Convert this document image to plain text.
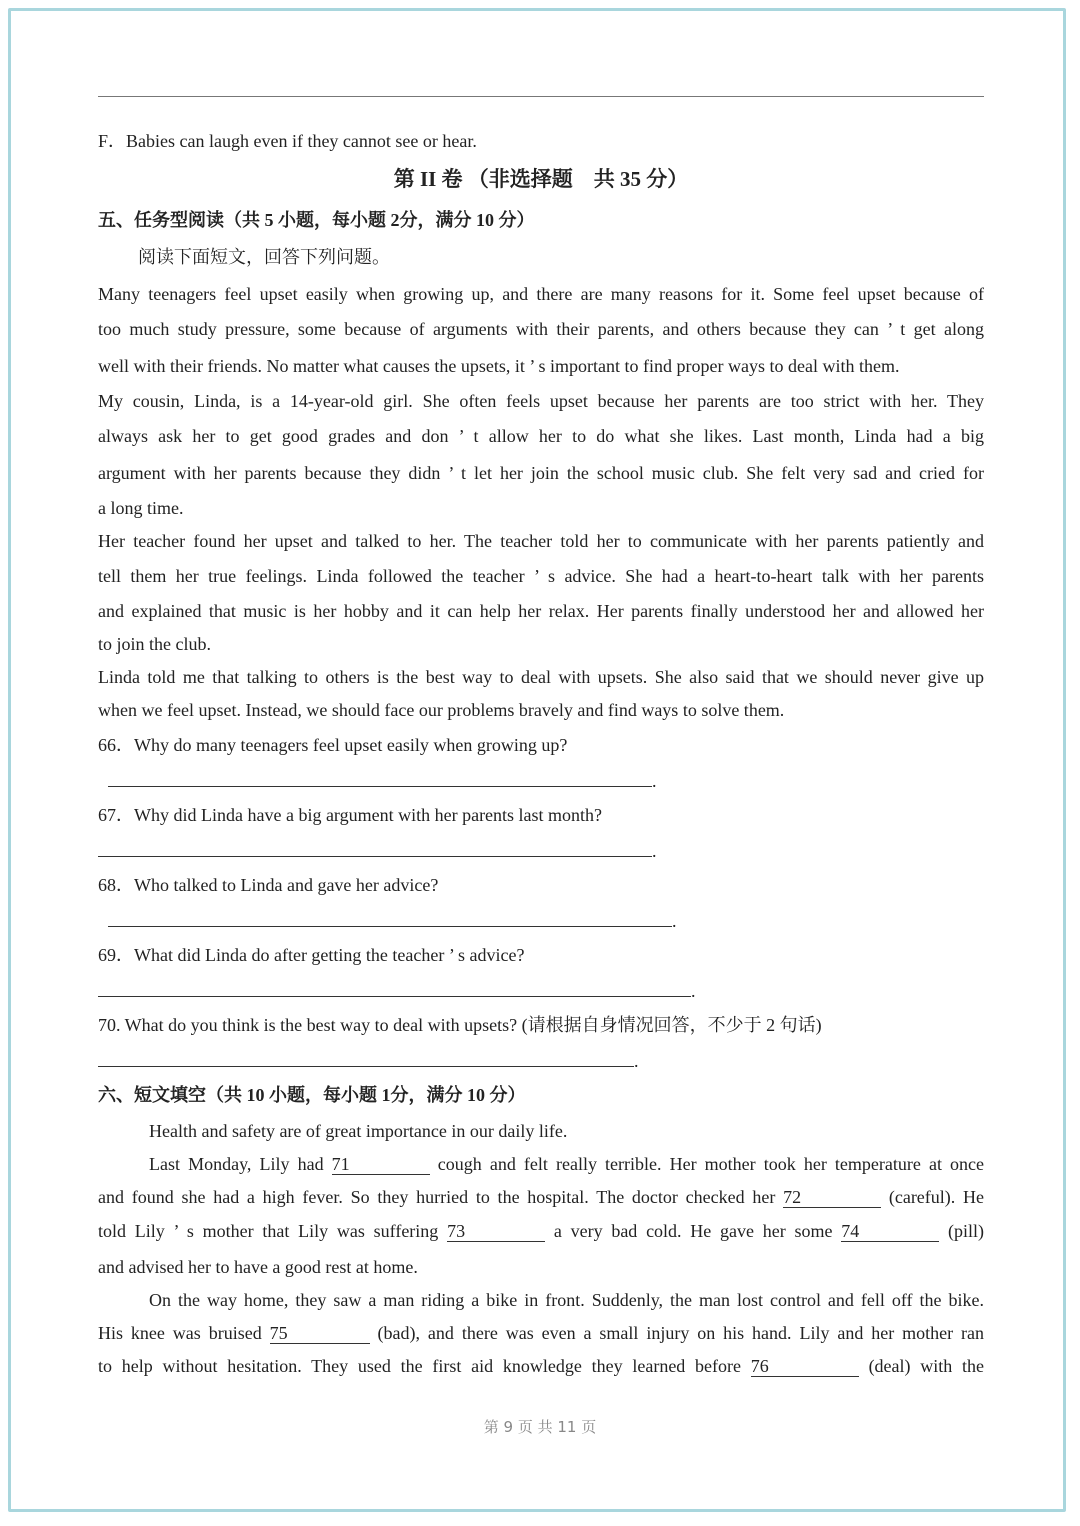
F．Babies can laugh even if they cannot see or hear.
第 II 卷 （非选择题　共 35 分）
五、任务型阅读（共 5 小题，每小题 2分，满分 10 分）
阅读下面短文，回答下列问题。
Many teenagers feel upset easily when growing up, and there are many reasons for it. Some feel upset because of
too much study pressure, some because of arguments with their parents, and others because they can ’ t get along
well with their friends. No matter what causes the upsets, it ’ s important to find proper ways to deal with them.
My cousin, Linda, is a 14-year-old girl. She often feels upset because her parents are too strict with her. They
always ask her to get good grades and don ’ t allow her to do what she likes. Last month, Linda had a big
argument with her parents because they didn ’ t let her join the school music club. She felt very sad and cried for
a long time.
Her teacher found her upset and talked to her. The teacher told her to communicate with her parents patiently and
tell them her true feelings. Linda followed the teacher ’ s advice. She had a heart-to-heart talk with her parents
and explained that music is her hobby and it can help her relax. Her parents finally understood her and allowed her
to join the club.
Linda told me that talking to others is the best way to deal with upsets. She also said that we should never give up
when we feel upset. Instead, we should face our problems bravely and find ways to solve them.
66．Why do many teenagers feel upset easily when growing up?
.
67．Why did Linda have a big argument with her parents last month?
.
68．Who talked to Linda and gave her advice?
.
69．What did Linda do after getting the teacher ’ s advice?
.
70. What do you think is the best way to deal with upsets? (请根据自身情况回答，不少于 2 句话)
.
六、短文填空（共 10 小题，每小题 1分，满分 10 分）
Health and safety are of great importance in our daily life.
Last Monday, Lily had 71	cough and felt really terrible. Her mother took her temperature at once
and found she had a high fever. So they hurried to the hospital. The doctor checked her 72	(careful). He
told Lily ’ s mother that Lily was suffering 73	a very bad cold. He gave her some 74	(pill)
and advised her to have a good rest at home.
On the way home, they saw a man riding a bike in front. Suddenly, the man lost control and fell off the bike.
His knee was bruised 75	(bad), and there was even a small injury on his hand. Lily and her mother ran
to help without hesitation. They used the first aid knowledge they learned before 76	(deal) with the
第 9 页 共 11 页
